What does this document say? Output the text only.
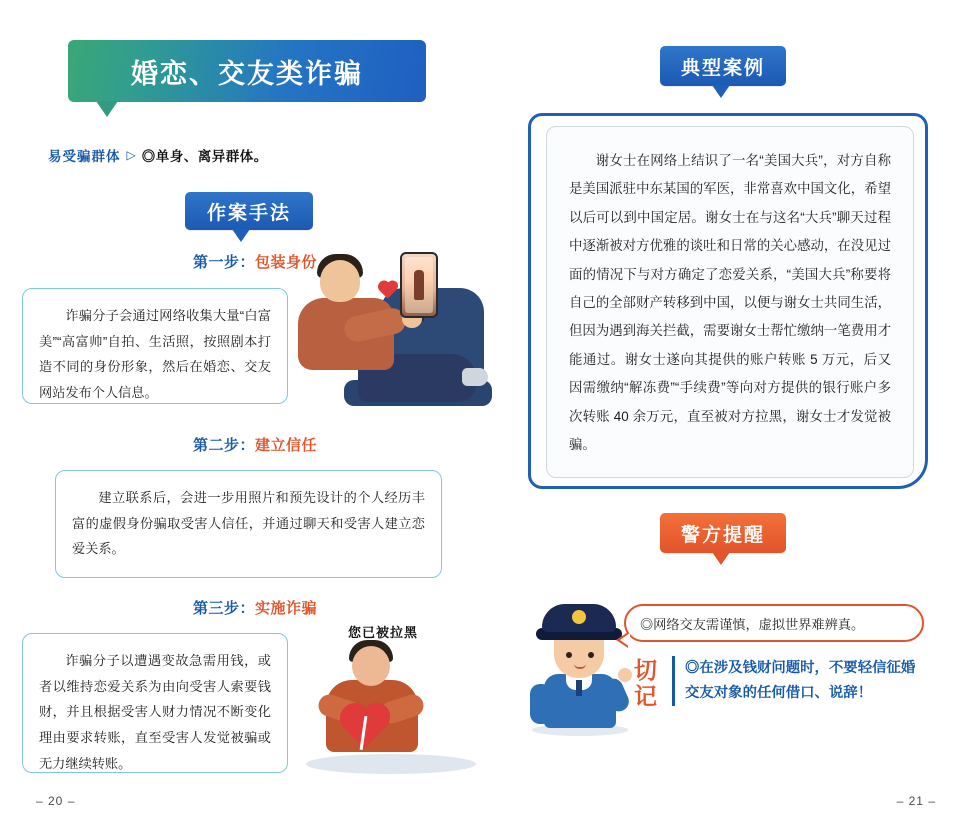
婚恋、交友类诈骗
易受骗群体 ▷ ◎单身、离异群体。
作案手法
第一步：包装身份

诈骗分子会通过网络收集大量“白富美”“高富帅”自拍、生活照，按照剧本打造不同的身份形象，然后在婚恋、交友网站发布个人信息。

第二步：建立信任

建立联系后，会进一步用照片和预先设计的个人经历丰富的虚假身份骗取受害人信任，并通过聊天和受害人建立恋爱关系。

第三步：实施诈骗

诈骗分子以遭遇变故急需用钱，或者以维持恋爱关系为由向受害人索要钱财，并且根据受害人财力情况不断变化理由要求转账，直至受害人发觉被骗或无力继续转账。

您已被拉黑
– 20 –
典型案例

谢女士在网络上结识了一名“美国大兵”，对方自称是美国派驻中东某国的军医，非常喜欢中国文化，希望以后可以到中国定居。谢女士在与这名“大兵”聊天过程中逐渐被对方优雅的谈吐和日常的关心感动，在没见过面的情况下与对方确定了恋爱关系，“美国大兵”称要将自己的全部财产转移到中国，以便与谢女士共同生活，但因为遇到海关拦截，需要谢女士帮忙缴纳一笔费用才能通过。谢女士遂向其提供的账户转账 5 万元，后又因需缴纳“解冻费”“手续费”等向对方提供的银行账户多次转账 40 余万元，直至被对方拉黑，谢女士才发觉被骗。

警方提醒
◎网络交友需谨慎，虚拟世界难辨真。
切记
◎在涉及钱财问题时，不要轻信征婚交友对象的任何借口、说辞！
– 21 –
